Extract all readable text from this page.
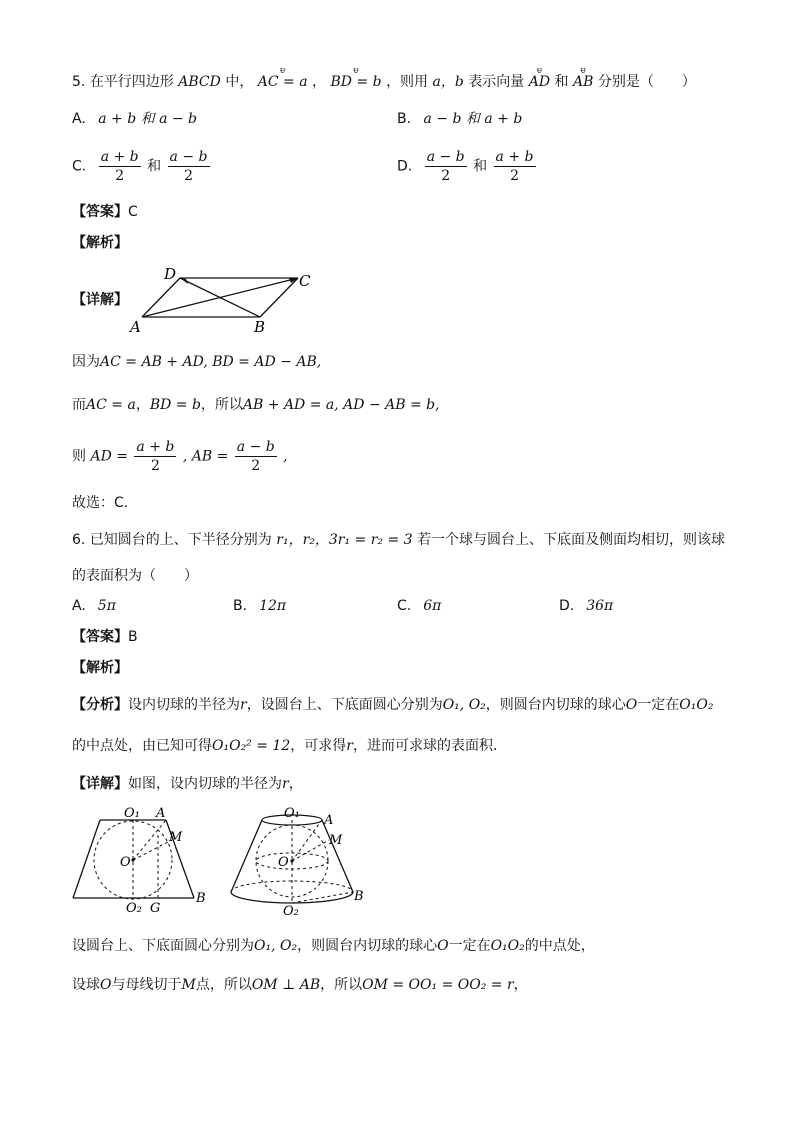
5. 在平行四边形 ABCD 中， ᵾ AC = a ， ᵾ BD = b ，则用 a，b 表示向量 ᵾ AD 和 ᵾ AB 分别是（　　）
A. a + b 和 a − b	B. a − b 和 a + b
C. $\frac{a + b}{2}$ 和 $\frac{a - b}{2}$	D. $\frac{a - b}{2}$ 和 $\frac{a + b}{2}$
【答案】C
【解析】
【详解】
D	C
A	B
因为AC = AB + AD, BD = AD − AB,
而AC = a，BD = b，所以AB + AD = a, AD − AB = b,
则 AD = $\frac{a + b}{2}$ , AB = $\frac{a - b}{2}$ ,
故选：C.
6. 已知圆台的上、下半径分别为 r₁，r₂，3r₁ = r₂ = 3 若一个球与圆台上、下底面及侧面均相切，则该球
的表面积为（　　）
A. 5π	B. 12π	C. 6π	D. 36π
【答案】B
【解析】
【分析】设内切球的半径为r，设圆台上、下底面圆心分别为O₁, O₂，则圆台内切球的球心O一定在O₁O₂
的中点处，由已知可得O₁O₂² = 12，可求得r，进而可求球的表面积.
【详解】如图，设内切球的半径为r，
O₁ A
M
O
O₂ G
B
O₁ A
M
O
O₂
B
设圆台上、下底面圆心分别为O₁, O₂，则圆台内切球的球心O一定在O₁O₂的中点处，
设球O与母线切于M点，所以OM ⊥ AB，所以OM = OO₁ = OO₂ = r，
